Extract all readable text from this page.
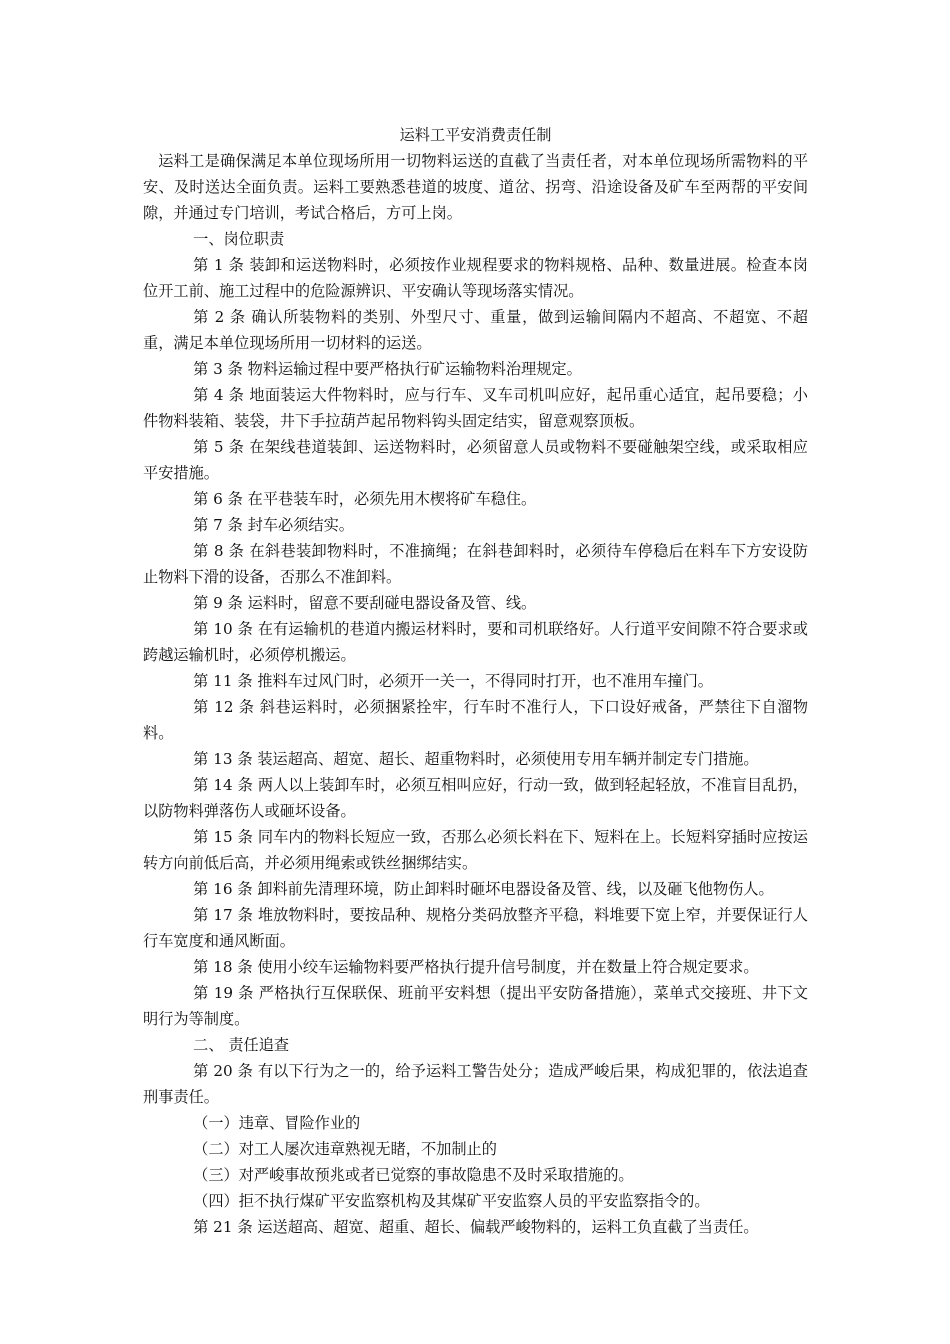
运料工平安消费责任制

运料工是确保满足本单位现场所用一切物料运送的直截了当责任者，对本单位现场所需物料的平安、及时送达全面负责。运料工要熟悉巷道的坡度、道岔、拐弯、沿途设备及矿车至两帮的平安间隙，并通过专门培训，考试合格后，方可上岗。

一、岗位职责

第 1 条 装卸和运送物料时，必须按作业规程要求的物料规格、品种、数量进展。检查本岗位开工前、施工过程中的危险源辨识、平安确认等现场落实情况。

第 2 条 确认所装物料的类别、外型尺寸、重量，做到运输间隔内不超高、不超宽、不超重，满足本单位现场所用一切材料的运送。

第 3 条 物料运输过程中要严格执行矿运输物料治理规定。

第 4 条 地面装运大件物料时，应与行车、叉车司机叫应好，起吊重心适宜，起吊要稳；小件物料装箱、装袋，井下手拉葫芦起吊物料钩头固定结实，留意观察顶板。

第 5 条 在架线巷道装卸、运送物料时，必须留意人员或物料不要碰触架空线，或采取相应平安措施。

第 6 条 在平巷装车时，必须先用木楔将矿车稳住。

第 7 条 封车必须结实。

第 8 条 在斜巷装卸物料时，不准摘绳；在斜巷卸料时，必须待车停稳后在料车下方安设防止物料下滑的设备，否那么不准卸料。

第 9 条 运料时，留意不要刮碰电器设备及管、线。

第 10 条 在有运输机的巷道内搬运材料时，要和司机联络好。人行道平安间隙不符合要求或跨越运输机时，必须停机搬运。

第 11 条 推料车过风门时，必须开一关一，不得同时打开，也不准用车撞门。

第 12 条 斜巷运料时，必须捆紧拴牢，行车时不准行人，下口设好戒备，严禁往下自溜物料。

第 13 条 装运超高、超宽、超长、超重物料时，必须使用专用车辆并制定专门措施。

第 14 条 两人以上装卸车时，必须互相叫应好，行动一致，做到轻起轻放，不准盲目乱扔，以防物料弹落伤人或砸坏设备。

第 15 条 同车内的物料长短应一致，否那么必须长料在下、短料在上。长短料穿插时应按运转方向前低后高，并必须用绳索或铁丝捆绑结实。

第 16 条 卸料前先清理环境，防止卸料时砸坏电器设备及管、线，以及砸飞他物伤人。

第 17 条 堆放物料时，要按品种、规格分类码放整齐平稳，料堆要下宽上窄，并要保证行人行车宽度和通风断面。

第 18 条 使用小绞车运输物料要严格执行提升信号制度，并在数量上符合规定要求。

第 19 条 严格执行互保联保、班前平安料想（提出平安防备措施），菜单式交接班、井下文明行为等制度。

二、 责任追查

第 20 条 有以下行为之一的，给予运料工警告处分；造成严峻后果，构成犯罪的，依法追查刑事责任。

（一）违章、冒险作业的

（二）对工人屡次违章熟视无睹，不加制止的

（三）对严峻事故预兆或者已觉察的事故隐患不及时采取措施的。

（四）拒不执行煤矿平安监察机构及其煤矿平安监察人员的平安监察指令的。

第 21 条 运送超高、超宽、超重、超长、偏载严峻物料的，运料工负直截了当责任。
